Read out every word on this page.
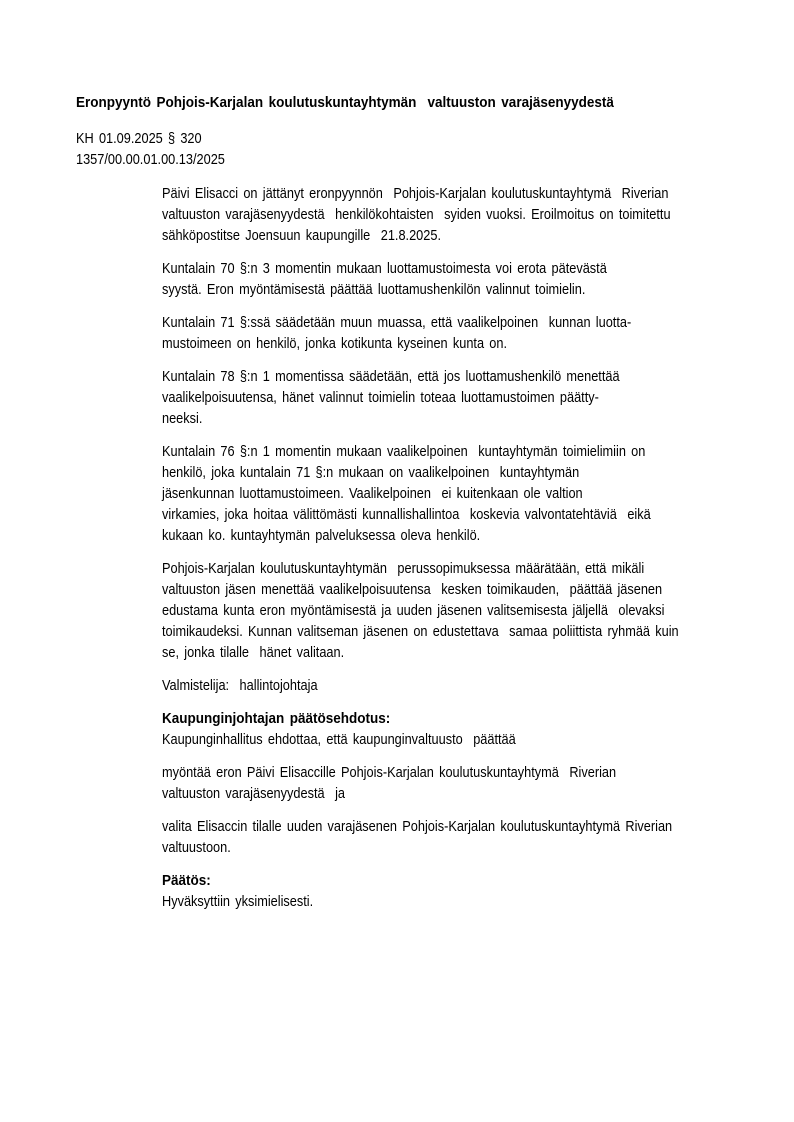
Eronpyyntö Pohjois-Karjalan koulutuskuntayhtymän  valtuuston varajäsenyydestä
KH 01.09.2025 § 320
1357/00.00.01.00.13/2025
Päivi Elisacci on jättänyt eronpyynnön  Pohjois-Karjalan koulutuskuntayhtymä  Riverian
valtuuston varajäsenyydestä  henkilökohtaisten  syiden vuoksi. Eroilmoitus on toimitettu
sähköpostitse Joensuun kaupungille  21.8.2025.
Kuntalain 70 §:n 3 momentin mukaan luottamustoimesta voi erota pätevästä
syystä. Eron myöntämisestä päättää luottamushenkilön valinnut toimielin.
Kuntalain 71 §:ssä säädetään muun muassa, että vaalikelpoinen  kunnan luotta-
mustoimeen on henkilö, jonka kotikunta kyseinen kunta on.
Kuntalain 78 §:n 1 momentissa säädetään, että jos luottamushenkilö menettää
vaalikelpoisuutensa, hänet valinnut toimielin toteaa luottamustoimen päätty-
neeksi.
Kuntalain 76 §:n 1 momentin mukaan vaalikelpoinen  kuntayhtymän toimielimiin on
henkilö, joka kuntalain 71 §:n mukaan on vaalikelpoinen  kuntayhtymän
jäsenkunnan luottamustoimeen. Vaalikelpoinen  ei kuitenkaan ole valtion
virkamies, joka hoitaa välittömästi kunnallishallintoa  koskevia valvontatehtäviä  eikä
kukaan ko. kuntayhtymän palveluksessa oleva henkilö.
Pohjois-Karjalan koulutuskuntayhtymän  perussopimuksessa määrätään, että mikäli
valtuuston jäsen menettää vaalikelpoisuutensa  kesken toimikauden,  päättää jäsenen
edustama kunta eron myöntämisestä ja uuden jäsenen valitsemisesta jäljellä  olevaksi
toimikaudeksi. Kunnan valitseman jäsenen on edustettava  samaa poliittista ryhmää kuin
se, jonka tilalle  hänet valitaan.
Valmistelija:  hallintojohtaja
Kaupunginjohtajan päätösehdotus:
Kaupunginhallitus ehdottaa, että kaupunginvaltuusto  päättää
myöntää eron Päivi Elisaccille Pohjois-Karjalan koulutuskuntayhtymä  Riverian
valtuuston varajäsenyydestä  ja
valita Elisaccin tilalle uuden varajäsenen Pohjois-Karjalan koulutuskuntayhtymä Riverian
valtuustoon.
Päätös:
Hyväksyttiin yksimielisesti.
